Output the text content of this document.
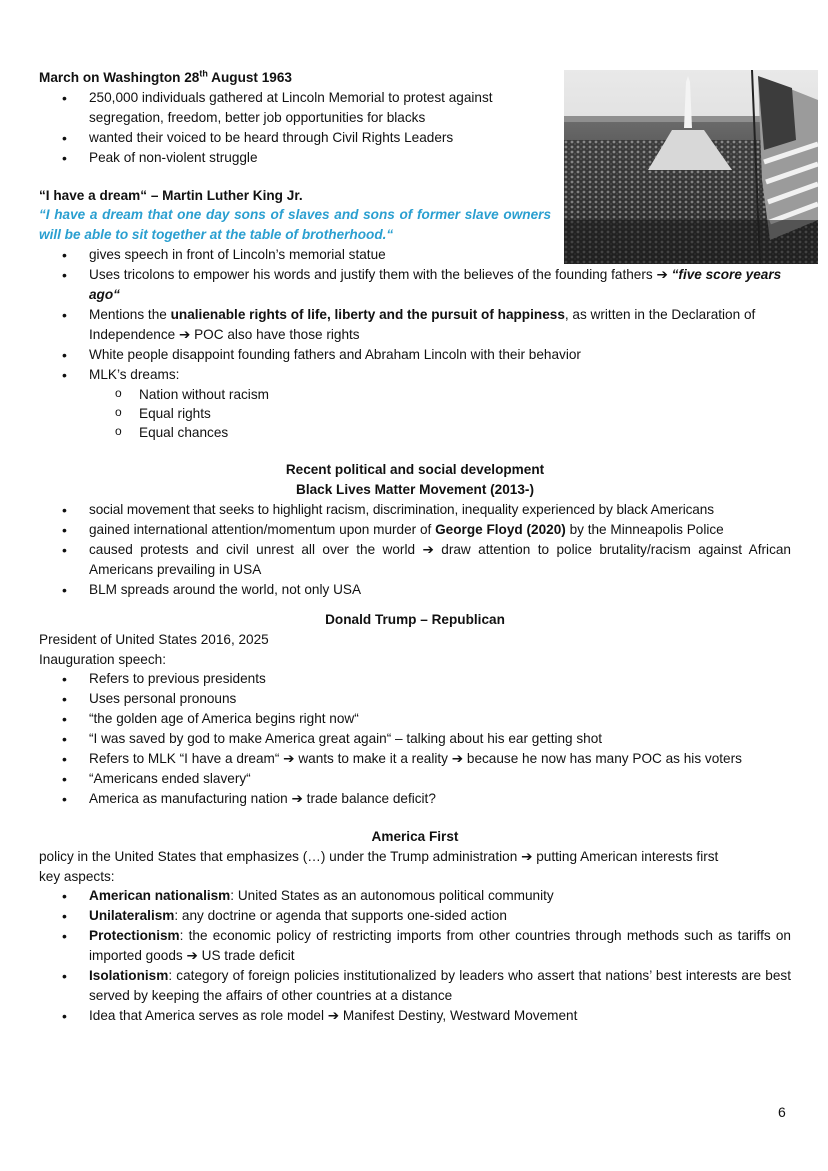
March on Washington 28th August 1963
• 250,000 individuals gathered at Lincoln Memorial to protest against segregation, freedom, better job opportunities for blacks
• wanted their voiced to be heard through Civil Rights Leaders
• Peak of non-violent struggle
“I have a dream“ – Martin Luther King Jr.
“I have a dream that one day sons of slaves and sons of former slave owners will be able to sit together at the table of brotherhood.“
• gives speech in front of Lincoln’s memorial statue
• Uses tricolons to empower his words and justify them with the believes of the founding fathers ➔ “five score years ago“
• Mentions the unalienable rights of life, liberty and the pursuit of happiness, as written in the Declaration of Independence ➔ POC also have those rights
• White people disappoint founding fathers and Abraham Lincoln with their behavior
• MLK’s dreams:
o Nation without racism
o Equal rights
o Equal chances
Recent political and social development
Black Lives Matter Movement (2013-)
• social movement that seeks to highlight racism, discrimination, inequality experienced by black Americans
• gained international attention/momentum upon murder of George Floyd (2020) by the Minneapolis Police
• caused protests and civil unrest all over the world ➔ draw attention to police brutality/racism against African Americans prevailing in USA
• BLM spreads around the world, not only USA
Donald Trump – Republican

President of United States 2016, 2025

Inauguration speech:

• Refers to previous presidents
• Uses personal pronouns
• “the golden age of America begins right now“
• “I was saved by god to make America great again“ – talking about his ear getting shot
• Refers to MLK “I have a dream“ ➔ wants to make it a reality ➔ because he now has many POC as his voters
• “Americans ended slavery“
• America as manufacturing nation ➔ trade balance deficit?
America First

policy in the United States that emphasizes (…) under the Trump administration ➔ putting American interests first

key aspects:

• American nationalism: United States as an autonomous political community
• Unilateralism: any doctrine or agenda that supports one-sided action
• Protectionism: the economic policy of restricting imports from other countries through methods such as tariffs on imported goods ➔ US trade deficit
• Isolationism: category of foreign policies institutionalized by leaders who assert that nations’ best interests are best served by keeping the affairs of other countries at a distance
• Idea that America serves as role model ➔ Manifest Destiny, Westward Movement
6
